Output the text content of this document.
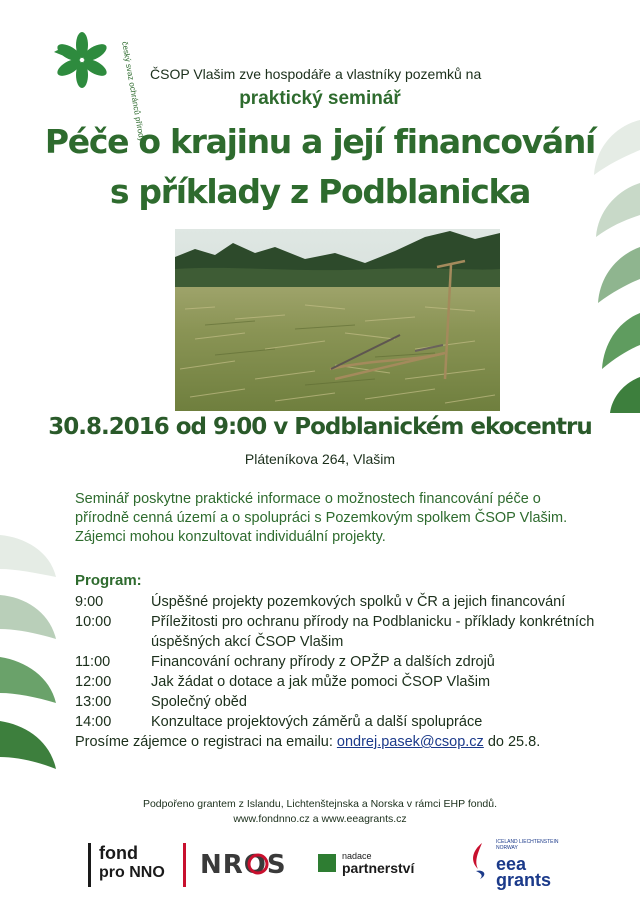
český svaz ochránců přírody ČSOP Vlašim zve hospodáře a vlastníky pozemků na
praktický seminář
Péče o krajinu a její financování
s příklady z Podblanicka
30.8.2016 od 9:00 v Podblanickém ekocentru
Pláteníkova 264, Vlašim
Seminář poskytne praktické informace o možnostech financování péče o přírodně cenná území a o spolupráci s Pozemkovým spolkem ČSOP Vlašim. Zájemci mohou konzultovat individuální projekty.
Program:
9:00	Úspěšné projekty pozemkových spolků v ČR a jejich financování
10:00	Příležitosti pro ochranu přírody na Podblanicku - příklady konkrétních úspěšných akcí ČSOP Vlašim
11:00	Financování ochrany přírody z OPŽP a dalších zdrojů
12:00	Jak žádat o dotace a jak může pomoci ČSOP Vlašim
13:00	Společný oběd
14:00	Konzultace projektových záměrů a další spolupráce
Prosíme zájemce o registraci na emailu: ondrej.pasek@csop.cz do 25.8.
Podpořeno grantem z Islandu, Lichtenštejnska a Norska v rámci EHP fondů.
www.fondnno.cz a www.eeagrants.cz
fond
pro NNO	NROS	nadace
partnerství
ICELAND LIECHTENSTEIN NORWAY
eea
grants
